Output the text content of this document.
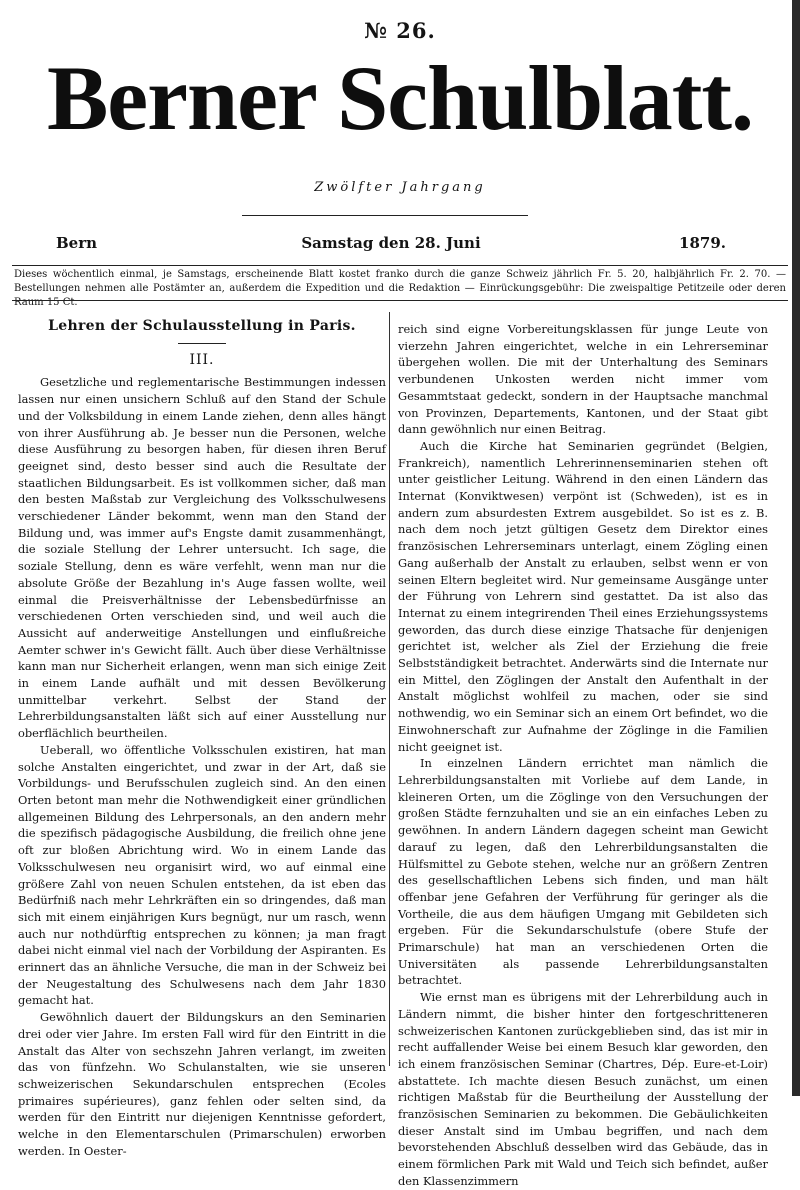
№ 26.
Berner Schulblatt.
Zwölfter Jahrgang
Bern	Samstag den 28. Juni	1879.
Dieses wöchentlich einmal, je Samstags, erscheinende Blatt kostet franko durch die ganze Schweiz jährlich Fr. 5. 20, halbjährlich Fr. 2. 70. — Bestellungen nehmen alle Postämter an, außerdem die Expedition und die Redaktion — Einrückungsgebühr: Die zweispaltige Petitzeile oder deren Raum 15 Ct.
Lehren der Schulausstellung in Paris.
III.

Gesetzliche und reglementarische Bestimmungen indessen lassen nur einen unsichern Schluß auf den Stand der Schule und der Volksbildung in einem Lande ziehen, denn alles hängt von ihrer Ausführung ab. Je besser nun die Personen, welche diese Ausführung zu besorgen haben, für diesen ihren Beruf geeignet sind, desto besser sind auch die Resultate der staatlichen Bildungsarbeit. Es ist vollkommen sicher, daß man den besten Maßstab zur Vergleichung des Volksschulwesens verschiedener Länder bekommt, wenn man den Stand der Bildung und, was immer auf's Engste damit zusammenhängt, die soziale Stellung der Lehrer untersucht. Ich sage, die soziale Stellung, denn es wäre verfehlt, wenn man nur die absolute Größe der Bezahlung in's Auge fassen wollte, weil einmal die Preisverhältnisse der Lebensbedürfnisse an verschiedenen Orten verschieden sind, und weil auch die Aussicht auf anderweitige Anstellungen und einflußreiche Aemter schwer in's Gewicht fällt. Auch über diese Verhältnisse kann man nur Sicherheit erlangen, wenn man sich einige Zeit in einem Lande aufhält und mit dessen Bevölkerung unmittelbar verkehrt. Selbst der Stand der Lehrerbildungsanstalten läßt sich auf einer Ausstellung nur oberflächlich beurtheilen.

Ueberall, wo öffentliche Volksschulen existiren, hat man solche Anstalten eingerichtet, und zwar in der Art, daß sie Vorbildungs- und Berufsschulen zugleich sind. An den einen Orten betont man mehr die Nothwendigkeit einer gründlichen allgemeinen Bildung des Lehrpersonals, an den andern mehr die spezifisch pädagogische Ausbildung, die freilich ohne jene oft zur bloßen Abrichtung wird. Wo in einem Lande das Volksschulwesen neu organisirt wird, wo auf einmal eine größere Zahl von neuen Schulen entstehen, da ist eben das Bedürfniß nach mehr Lehrkräften ein so dringendes, daß man sich mit einem einjährigen Kurs begnügt, nur um rasch, wenn auch nur nothdürftig entsprechen zu können; ja man fragt dabei nicht einmal viel nach der Vorbildung der Aspiranten. Es erinnert das an ähnliche Versuche, die man in der Schweiz bei der Neugestaltung des Schulwesens nach dem Jahr 1830 gemacht hat.

Gewöhnlich dauert der Bildungskurs an den Seminarien drei oder vier Jahre. Im ersten Fall wird für den Eintritt in die Anstalt das Alter von sechszehn Jahren verlangt, im zweiten das von fünfzehn. Wo Schulanstalten, wie sie unseren schweizerischen Sekundarschulen entsprechen (Ecoles primaires supérieures), ganz fehlen oder selten sind, da werden für den Eintritt nur diejenigen Kenntnisse gefordert, welche in den Elementarschulen (Primarschulen) erworben werden. In Oester-

reich sind eigne Vorbereitungsklassen für junge Leute von vierzehn Jahren eingerichtet, welche in ein Lehrerseminar übergehen wollen. Die mit der Unterhaltung des Seminars verbundenen Unkosten werden nicht immer vom Gesammtstaat gedeckt, sondern in der Hauptsache manchmal von Provinzen, Departements, Kantonen, und der Staat gibt dann gewöhnlich nur einen Beitrag.

Auch die Kirche hat Seminarien gegründet (Belgien, Frankreich), namentlich Lehrerinnenseminarien stehen oft unter geistlicher Leitung. Während in den einen Ländern das Internat (Konviktwesen) verpönt ist (Schweden), ist es in andern zum absurdesten Extrem ausgebildet. So ist es z. B. nach dem noch jetzt gültigen Gesetz dem Direktor eines französischen Lehrerseminars unterlagt, einem Zögling einen Gang außerhalb der Anstalt zu erlauben, selbst wenn er von seinen Eltern begleitet wird. Nur gemeinsame Ausgänge unter der Führung von Lehrern sind gestattet. Da ist also das Internat zu einem integrirenden Theil eines Erziehungssystems geworden, das durch diese einzige Thatsache für denjenigen gerichtet ist, welcher als Ziel der Erziehung die freie Selbstständigkeit betrachtet. Anderwärts sind die Internate nur ein Mittel, den Zöglingen der Anstalt den Aufenthalt in der Anstalt möglichst wohlfeil zu machen, oder sie sind nothwendig, wo ein Seminar sich an einem Ort befindet, wo die Einwohnerschaft zur Aufnahme der Zöglinge in die Familien nicht geeignet ist.

In einzelnen Ländern errichtet man nämlich die Lehrerbildungsanstalten mit Vorliebe auf dem Lande, in kleineren Orten, um die Zöglinge von den Versuchungen der großen Städte fernzuhalten und sie an ein einfaches Leben zu gewöhnen. In andern Ländern dagegen scheint man Gewicht darauf zu legen, daß den Lehrerbildungsanstalten die Hülfsmittel zu Gebote stehen, welche nur an größern Zentren des gesellschaftlichen Lebens sich finden, und man hält offenbar jene Gefahren der Verführung für geringer als die Vortheile, die aus dem häufigen Umgang mit Gebildeten sich ergeben. Für die Sekundarschulstufe (obere Stufe der Primarschule) hat man an verschiedenen Orten die Universitäten als passende Lehrerbildungsanstalten betrachtet.

Wie ernst man es übrigens mit der Lehrerbildung auch in Ländern nimmt, die bisher hinter den fortgeschritteneren schweizerischen Kantonen zurückgeblieben sind, das ist mir in recht auffallender Weise bei einem Besuch klar geworden, den ich einem französischen Seminar (Chartres, Dép. Eure-et-Loir) abstattete. Ich machte diesen Besuch zunächst, um einen richtigen Maßstab für die Beurtheilung der Ausstellung der französischen Seminarien zu bekommen. Die Gebäulichkeiten dieser Anstalt sind im Umbau begriffen, und nach dem bevorstehenden Abschluß desselben wird das Gebäude, das in einem förmlichen Park mit Wald und Teich sich befindet, außer den Klassenzimmern
